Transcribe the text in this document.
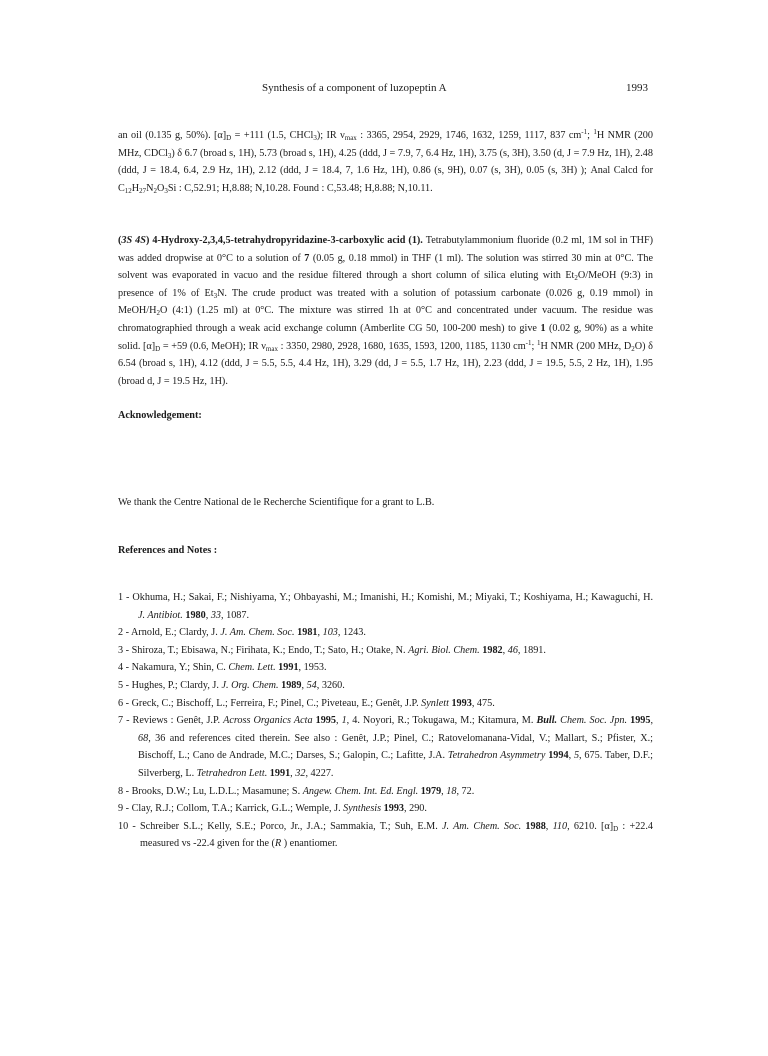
Synthesis of a component of luzopeptin A	1993

an oil (0.135 g, 50%). $[\alpha]_D = +111$ (1.5, CHCl$_3$); IR $\nu_{max}$ : 3365, 2954, 2929, 1746, 1632, 1259, 1117, 837 $cm^{-1}$; $^1$H NMR (200 MHz, CDCl$_3$) δ 6.7 (broad s, 1H), 5.73 (broad s, 1H), 4.25 (ddd, J = 7.9, 7, 6.4 Hz, 1H), 3.75 (s, 3H), 3.50 (d, J = 7.9 Hz, 1H), 2.48 (ddd, J = 18.4, 6.4, 2.9 Hz, 1H), 2.12 (ddd, J = 18.4, 7, 1.6 Hz, 1H), 0.86 (s, 9H), 0.07 (s, 3H), 0.05 (s, 3H) ); Anal Calcd for $C_{12}H_{27}N_2O_3Si$ : C,52.91; H,8.88; N,10.28. Found : C,53.48; H,8.88; N,10.11.

(3S 4S) 4-Hydroxy-2,3,4,5-tetrahydropyridazine-3-carboxylic acid (1). Tetrabutylammonium fluoride (0.2 ml, 1M sol in THF) was added dropwise at 0°C to a solution of 7 (0.05 g, 0.18 mmol) in THF (1 ml). The solution was stirred 30 min at 0°C. The solvent was evaporated in vacuo and the residue filtered through a short column of silica eluting with $Et_2O$/MeOH (9:3) in presence of 1% of $Et_3N$. The crude product was treated with a solution of potassium carbonate (0.026 g, 0.19 mmol) in MeOH/$H_2O$ (4:1) (1.25 ml) at 0°C. The mixture was stirred 1h at 0°C and concentrated under vacuum. The residue was chromatographied through a weak acid exchange column (Amberlite CG 50, 100-200 mesh) to give 1 (0.02 g, 90%) as a white solid. $[\alpha]_D = +59$ (0.6, MeOH); IR $\nu_{max}$ : 3350, 2980, 2928, 1680, 1635, 1593, 1200, 1185, 1130 $cm^{-1}$; $^1$H NMR (200 MHz, $D_2O$) δ 6.54 (broad s, 1H), 4.12 (ddd, J = 5.5, 5.5, 4.4 Hz, 1H), 3.29 (dd, J = 5.5, 1.7 Hz, 1H), 2.23 (ddd, J = 19.5, 5.5, 2 Hz, 1H), 1.95 (broad d, J = 19.5 Hz, 1H).

Acknowledgement:
We thank the Centre National de le Recherche Scientifique for a grant to L.B.
References and Notes :
1 - Okhuma, H.; Sakai, F.; Nishiyama, Y.; Ohbayashi, M.; Imanishi, H.; Komishi, M.; Miyaki, T.; Koshiyama, H.; Kawaguchi, H. J. Antibiot. 1980, 33, 1087.
2 - Arnold, E.; Clardy, J. J. Am. Chem. Soc. 1981, 103, 1243.
3 - Shiroza, T.; Ebisawa, N.; Firihata, K.; Endo, T.; Sato, H.; Otake, N. Agri. Biol. Chem. 1982, 46, 1891.
4 - Nakamura, Y.; Shin, C. Chem. Lett. 1991, 1953.
5 - Hughes, P.; Clardy, J. J. Org. Chem. 1989, 54, 3260.
6 - Greck, C.; Bischoff, L.; Ferreira, F.; Pinel, C.; Piveteau, E.; Genêt, J.P. Synlett 1993, 475.
7 - Reviews : Genêt, J.P. Across Organics Acta 1995, 1, 4. Noyori, R.; Tokugawa, M.; Kitamura, M. Bull. Chem. Soc. Jpn. 1995, 68, 36 and references cited therein. See also : Genêt, J.P.; Pinel, C.; Ratovelomanana-Vidal, V.; Mallart, S.; Pfister, X.; Bischoff, L.; Cano de Andrade, M.C.; Darses, S.; Galopin, C.; Lafitte, J.A. Tetrahedron Asymmetry 1994, 5, 675. Taber, D.F.; Silverberg, L. Tetrahedron Lett. 1991, 32, 4227.
8 - Brooks, D.W.; Lu, L.D.L.; Masamune; S. Angew. Chem. Int. Ed. Engl. 1979, 18, 72.
9 - Clay, R.J.; Collom, T.A.; Karrick, G.L.; Wemple, J. Synthesis 1993, 290.
10 - Schreiber S.L.; Kelly, S.E.; Porco, Jr., J.A.; Sammakia, T.; Suh, E.M. J. Am. Chem. Soc. 1988, 110, 6210. $[\alpha]_D$ : +22.4 measured vs -22.4 given for the (R ) enantiomer.
